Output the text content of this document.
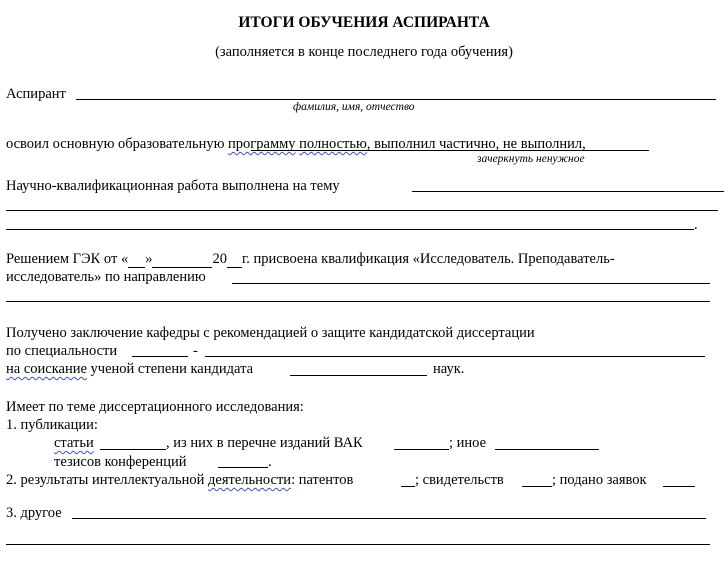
ИТОГИ ОБУЧЕНИЯ АСПИРАНТА
(заполняется в конце последнего года обучения)
Аспирант
фамилия, имя, отчество
освоил основную образовательную программу полностью, выполнил частично, не выполнил,
зачеркнуть ненужное
Научно-квалификационная работа выполнена на тему
.
Решением ГЭК от « »	20 г. присвоена квалификация «Исследователь. Преподаватель-
исследователь» по направлению
Получено заключение кафедры с рекомендацией о защите кандидатской диссертации
по специальности	-
на соискание ученой степени кандидата	наук.
Имеет по теме диссертационного исследования:
1. публикации:
статьи	, из них в перечне изданий ВАК	; иное
тезисов конференций	.
2. результаты интеллектуальной деятельности: патентов	; свидетельств	; подано заявок
3. другое
